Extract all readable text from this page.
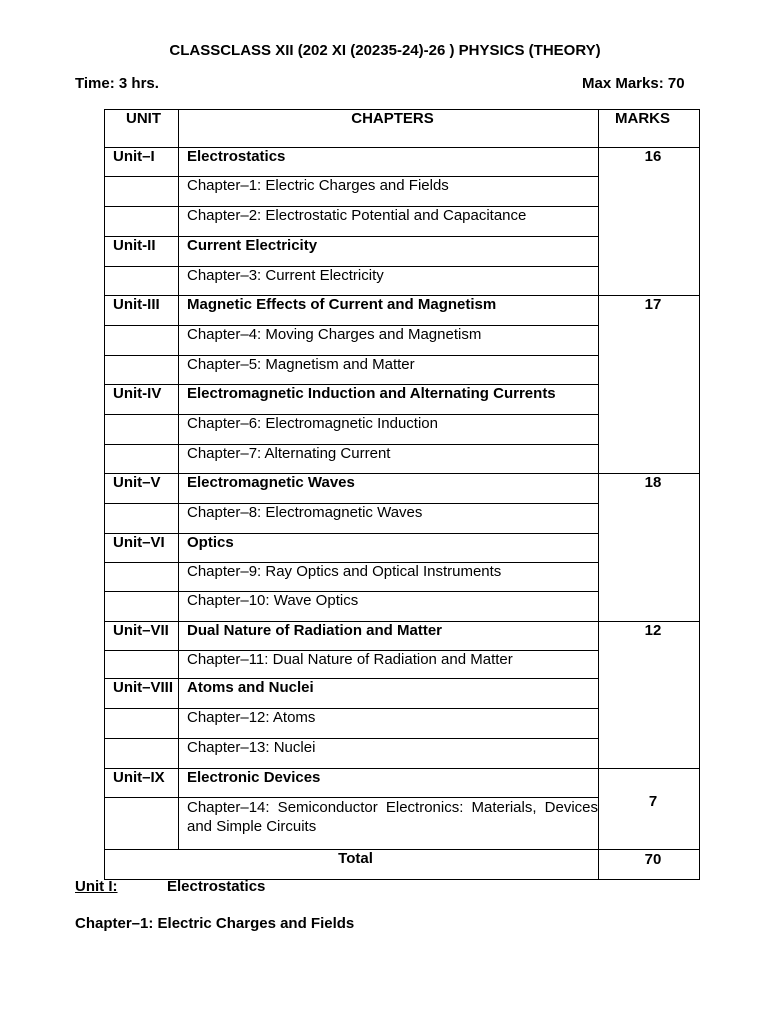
CLASSCLASS XII (202 XI (20235-24)-26 ) PHYSICS (THEORY)
Time: 3 hrs.	Max Marks: 70
UNIT	CHAPTERS	MARKS
Unit–I	Electrostatics	16
	Chapter–1: Electric Charges and Fields	
	Chapter–2: Electrostatic Potential and Capacitance	
Unit-II	Current Electricity	
	Chapter–3: Current Electricity	
Unit-III	Magnetic Effects of Current and Magnetism	17
	Chapter–4: Moving Charges and Magnetism	
	Chapter–5: Magnetism and Matter	
Unit-IV	Electromagnetic Induction and Alternating Currents	
	Chapter–6: Electromagnetic Induction	
	Chapter–7: Alternating Current	
Unit–V	Electromagnetic Waves	18
	Chapter–8: Electromagnetic Waves	
Unit–VI	Optics	
	Chapter–9: Ray Optics and Optical Instruments	
	Chapter–10: Wave Optics	
Unit–VII	Dual Nature of Radiation and Matter	12
	Chapter–11: Dual Nature of Radiation and Matter	
Unit–VIII	Atoms and Nuclei	
	Chapter–12: Atoms	
	Chapter–13: Nuclei	
Unit–IX	Electronic Devices	7
	Chapter–14: Semiconductor Electronics: Materials, Devices and Simple Circuits	
Total		70
Unit I:	Electrostatics
Chapter–1: Electric Charges and Fields
